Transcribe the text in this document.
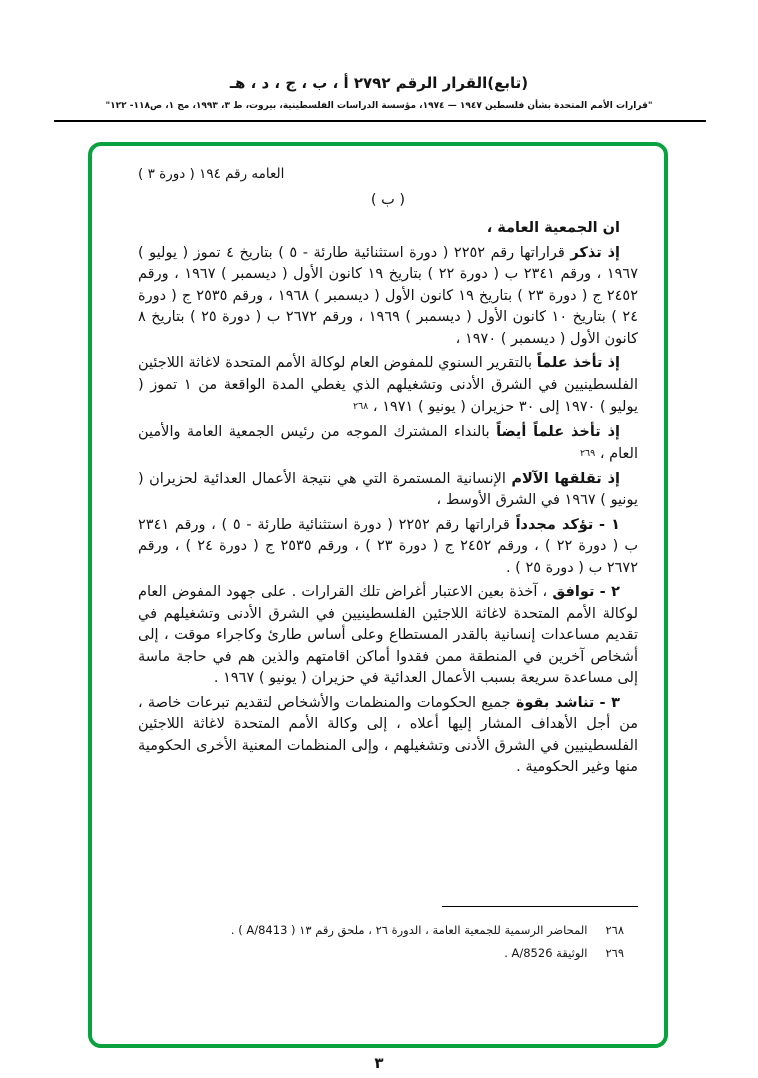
(تابع)القرار الرقم ٢٧٩٢ أ ، ب ، ج ، د ، هـ
"قرارات الأمم المتحدة بشأن فلسطين ١٩٤٧ — ١٩٧٤، مؤسسة الدراسات الفلسطينية، بيروت، ط ٣، ١٩٩٣، مج ١، ص١١٨- ١٢٢"
العامه رقم ١٩٤ ( دورة ٣ )
( ب )

ان الجمعية العامة ،

إذ تذكر قراراتها رقم ٢٢٥٢ ( دورة استثنائية طارئة - ٥ ) بتاريخ ٤ تموز ( يوليو ) ١٩٦٧ ، ورقم ٢٣٤١ ب ( دورة ٢٢ ) بتاريخ ١٩ كانون الأول ( ديسمبر ) ١٩٦٧ ، ورقم ٢٤٥٢ ج ( دورة ٢٣ ) بتاريخ ١٩ كانون الأول ( ديسمبر ) ١٩٦٨ ، ورقم ٢٥٣٥ ج ( دورة ٢٤ ) بتاريخ ١٠ كانون الأول ( ديسمبر ) ١٩٦٩ ، ورقم ٢٦٧٢ ب ( دورة ٢٥ ) بتاريخ ٨ كانون الأول ( ديسمبر ) ١٩٧٠ ،

إذ تأخذ علماً بالتقرير السنوي للمفوض العام لوكالة الأمم المتحدة لاغاثة اللاجئين الفلسطينيين في الشرق الأدنى وتشغيلهم الذي يغطي المدة الواقعة من ١ تموز ( يوليو ) ١٩٧٠ إلى ٣٠ حزيران ( يونيو ) ١٩٧١ ، ٢٦٨

إذ تأخذ علماً أيضاً بالنداء المشترك الموجه من رئيس الجمعية العامة والأمين العام ، ٢٦٩

إذ تقلقها الآلام الإنسانية المستمرة التي هي نتيجة الأعمال العدائية لحزيران ( يونيو ) ١٩٦٧ في الشرق الأوسط ،

١ - تؤكد مجدداً قراراتها رقم ٢٢٥٢ ( دورة استثنائية طارئة - ٥ ) ، ورقم ٢٣٤١ ب ( دورة ٢٢ ) ، ورقم ٢٤٥٢ ج ( دورة ٢٣ ) ، ورقم ٢٥٣٥ ج ( دورة ٢٤ ) ، ورقم ٢٦٧٢ ب ( دورة ٢٥ ) .

٢ - توافق ، آخذة بعين الاعتبار أغراض تلك القرارات . على جهود المفوض العام لوكالة الأمم المتحدة لاغاثة اللاجئين الفلسطينيين في الشرق الأدنى وتشغيلهم في تقديم مساعدات إنسانية بالقدر المستطاع وعلى أساس طارئ وكاجراء موقت ، إلى أشخاص آخرين في المنطقة ممن فقدوا أماكن اقامتهم والذين هم في حاجة ماسة إلى مساعدة سريعة بسبب الأعمال العدائية في حزيران ( يونيو ) ١٩٦٧ .

٣ - تناشد بقوة جميع الحكومات والمنظمات والأشخاص لتقديم تبرعات خاصة ، من أجل الأهداف المشار إليها أعلاه ، إلى وكالة الأمم المتحدة لاغاثة اللاجئين الفلسطينيين في الشرق الأدنى وتشغيلهم ، وإلى المنظمات المعنية الأخرى الحكومية منها وغير الحكومية .

٢٦٨
المحاضر الرسمية للجمعية العامة ، الدورة ٢٦ ، ملحق رقم ١٣ ( A/8413 ) .
٢٦٩
الوثيقة A/8526 .
٣
